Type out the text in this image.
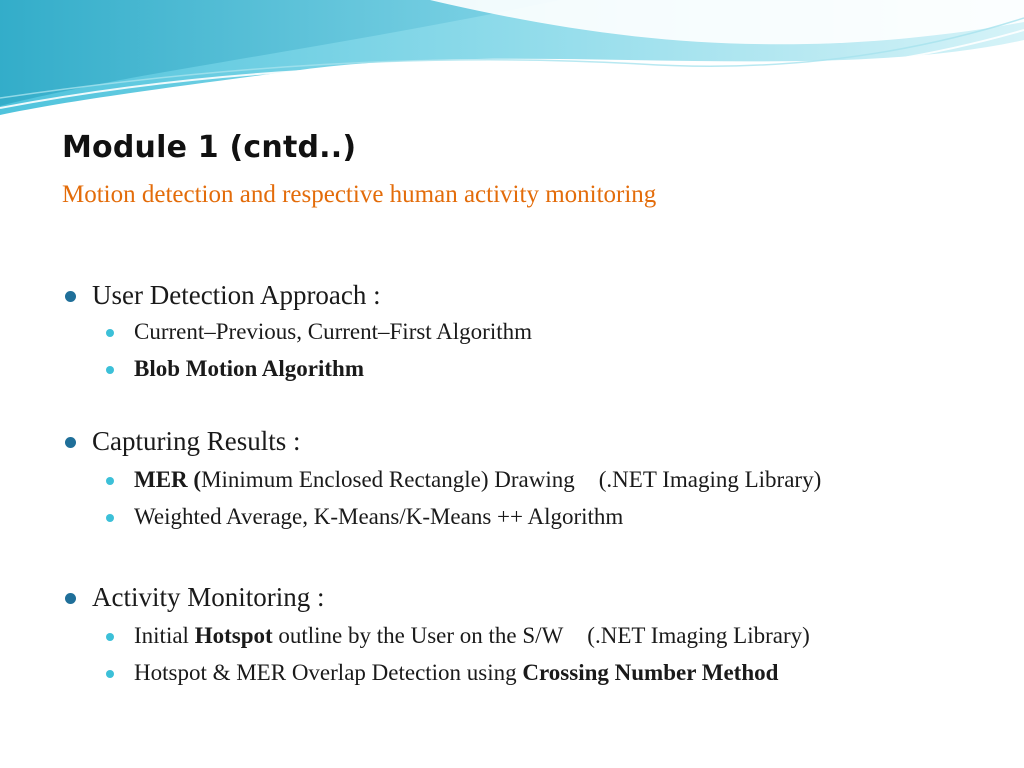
Module 1 (cntd..)
Motion detection and respective human activity monitoring
User Detection Approach :
Current–Previous, Current–First Algorithm
Blob Motion Algorithm
Capturing Results :
MER (Minimum Enclosed Rectangle) Drawing (.NET Imaging Library)
Weighted Average, K-Means/K-Means ++ Algorithm
Activity Monitoring :
Initial Hotspot outline by the User on the S/W (.NET Imaging Library)
Hotspot & MER Overlap Detection using Crossing Number Method
